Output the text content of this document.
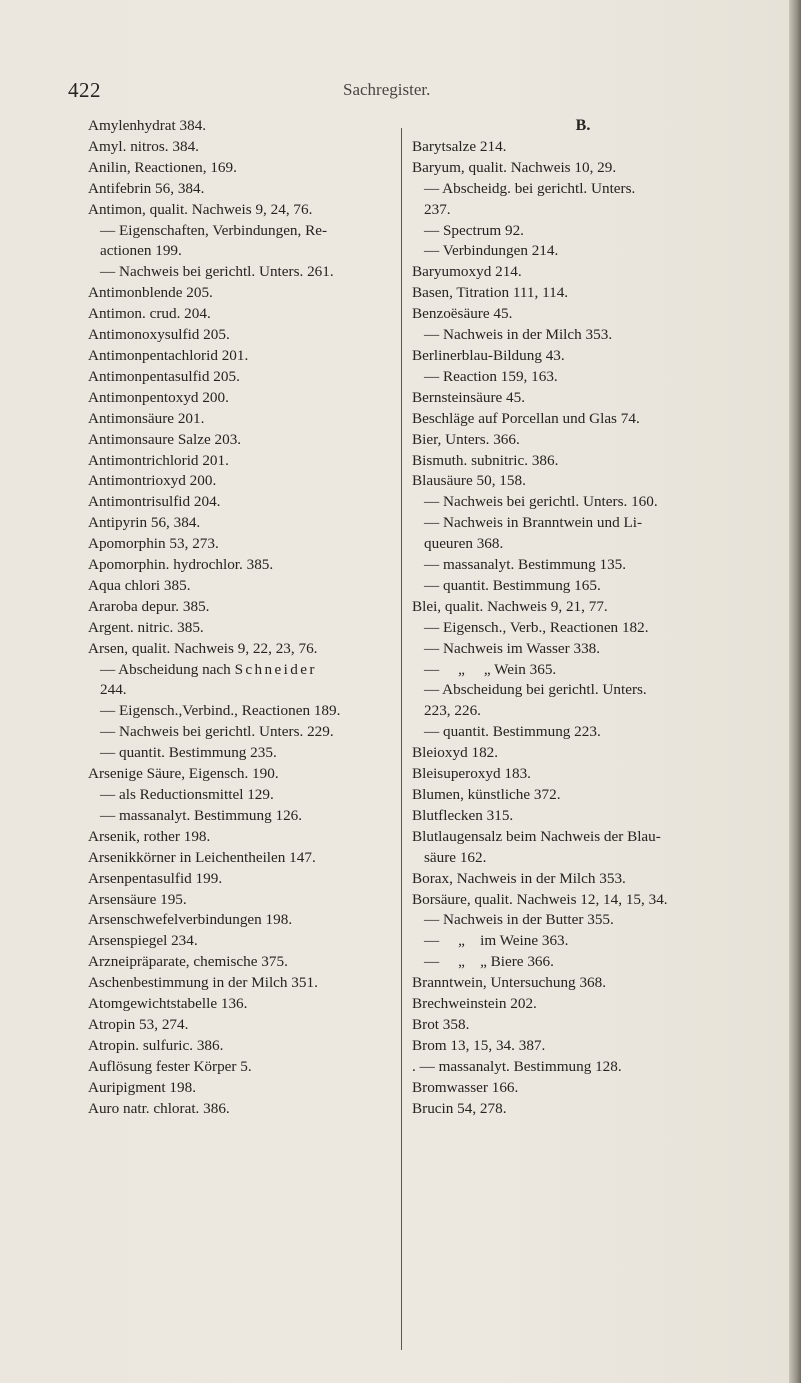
422	Sachregister.
Amylenhydrat 384.
Amyl. nitros. 384.
Anilin, Reactionen, 169.
Antifebrin 56, 384.
Antimon, qualit. Nachweis 9, 24, 76.
— Eigenschaften, Verbindungen, Re-
actionen 199.
— Nachweis bei gerichtl. Unters. 261.
Antimonblende 205.
Antimon. crud. 204.
Antimonoxysulfid 205.
Antimonpentachlorid 201.
Antimonpentasulfid 205.
Antimonpentoxyd 200.
Antimonsäure 201.
Antimonsaure Salze 203.
Antimontrichlorid 201.
Antimontrioxyd 200.
Antimontrisulfid 204.
Antipyrin 56, 384.
Apomorphin 53, 273.
Apomorphin. hydrochlor. 385.
Aqua chlori 385.
Araroba depur. 385.
Argent. nitric. 385.
Arsen, qualit. Nachweis 9, 22, 23, 76.
— Abscheidung nach Schneider
244.
— Eigensch.,Verbind., Reactionen 189.
— Nachweis bei gerichtl. Unters. 229.
— quantit. Bestimmung 235.
Arsenige Säure, Eigensch. 190.
— als Reductionsmittel 129.
— massanalyt. Bestimmung 126.
Arsenik, rother 198.
Arsenikkörner in Leichentheilen 147.
Arsenpentasulfid 199.
Arsensäure 195.
Arsenschwefelverbindungen 198.
Arsenspiegel 234.
Arzneipräparate, chemische 375.
Aschenbestimmung in der Milch 351.
Atomgewichtstabelle 136.
Atropin 53, 274.
Atropin. sulfuric. 386.
Auflösung fester Körper 5.
Auripigment 198.
Auro natr. chlorat. 386.
B.
Barytsalze 214.
Baryum, qualit. Nachweis 10, 29.
— Abscheidg. bei gerichtl. Unters.
237.
— Spectrum 92.
— Verbindungen 214.
Baryumoxyd 214.
Basen, Titration 111, 114.
Benzoësäure 45.
— Nachweis in der Milch 353.
Berlinerblau-Bildung 43.
— Reaction 159, 163.
Bernsteinsäure 45.
Beschläge auf Porcellan und Glas 74.
Bier, Unters. 366.
Bismuth. subnitric. 386.
Blausäure 50, 158.
— Nachweis bei gerichtl. Unters. 160.
— Nachweis in Branntwein und Li-
queuren 368.
— massanalyt. Bestimmung 135.
— quantit. Bestimmung 165.
Blei, qualit. Nachweis 9, 21, 77.
— Eigensch., Verb., Reactionen 182.
— Nachweis im Wasser 338.
—     „     „ Wein 365.
— Abscheidung bei gerichtl. Unters.
223, 226.
— quantit. Bestimmung 223.
Bleioxyd 182.
Bleisuperoxyd 183.
Blumen, künstliche 372.
Blutflecken 315.
Blutlaugensalz beim Nachweis der Blau-
säure 162.
Borax, Nachweis in der Milch 353.
Borsäure, qualit. Nachweis 12, 14, 15, 34.
— Nachweis in der Butter 355.
—     „    im Weine 363.
—     „    „ Biere 366.
Branntwein, Untersuchung 368.
Brechweinstein 202.
Brot 358.
Brom 13, 15, 34. 387.
. — massanalyt. Bestimmung 128.
Bromwasser 166.
Brucin 54, 278.
